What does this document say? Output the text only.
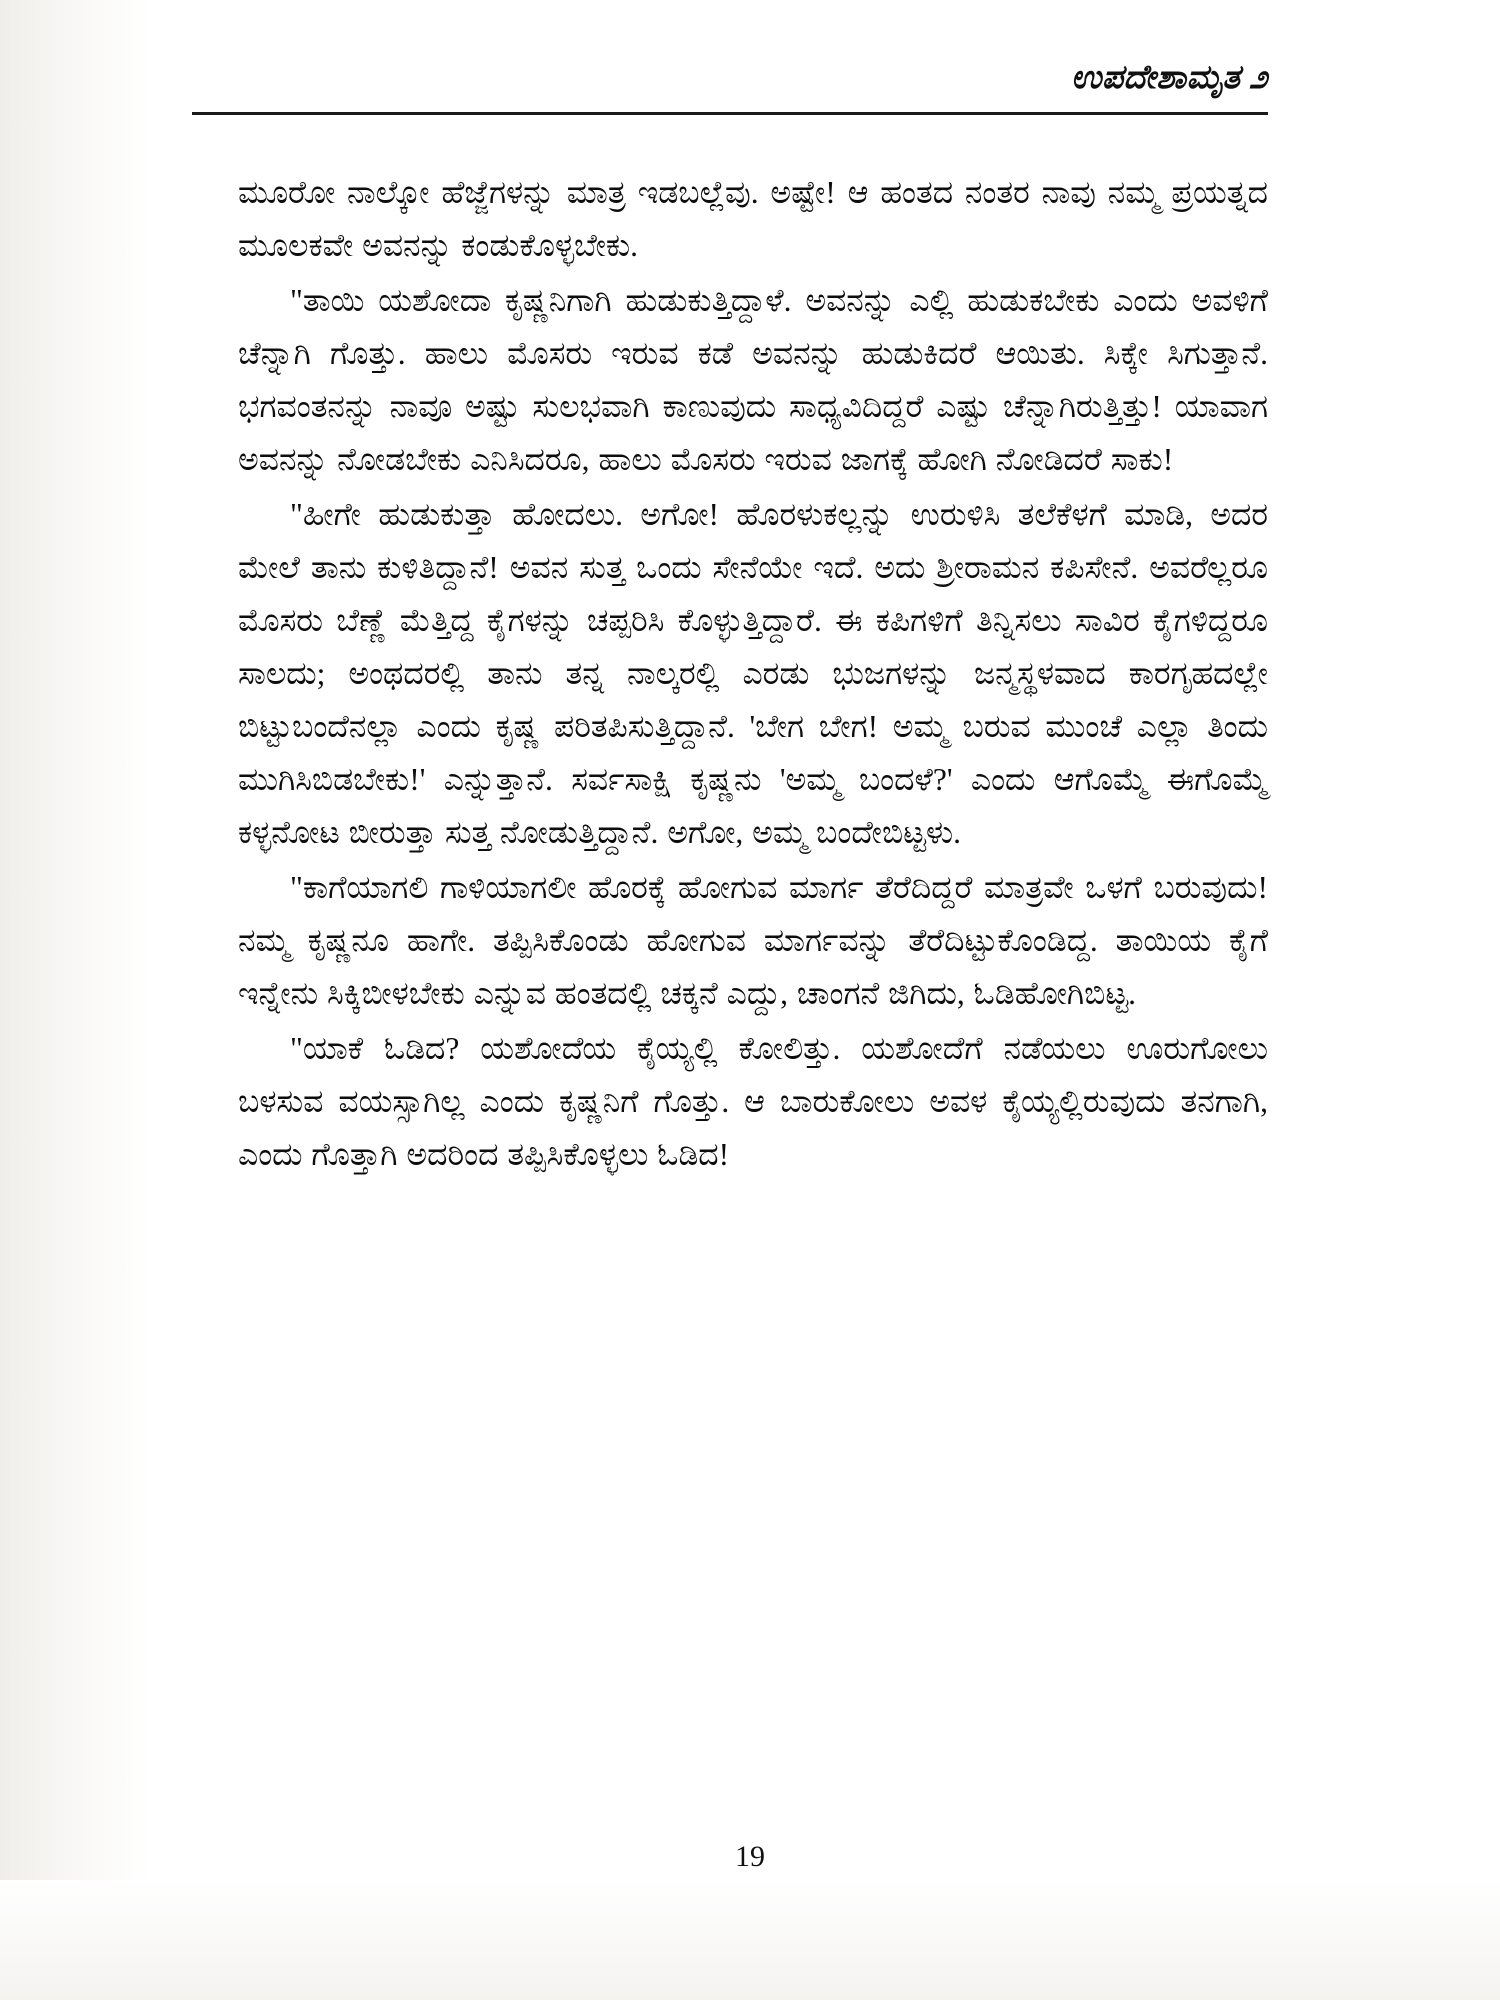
ಉಪದೇಶಾಮೃತ ೨

ಮೂರೋ ನಾಲ್ಕೋ ಹೆಜ್ಜೆಗಳನ್ನು ಮಾತ್ರ ಇಡಬಲ್ಲೆವು. ಅಷ್ಟೇ! ಆ ಹಂತದ ನಂತರ ನಾವು ನಮ್ಮ ಪ್ರಯತ್ನದ ಮೂಲಕವೇ ಅವನನ್ನು ಕಂಡುಕೊಳ್ಳಬೇಕು.

"ತಾಯಿ ಯಶೋದಾ ಕೃಷ್ಣನಿಗಾಗಿ ಹುಡುಕುತ್ತಿದ್ದಾಳೆ. ಅವನನ್ನು ಎಲ್ಲಿ ಹುಡುಕಬೇಕು ಎಂದು ಅವಳಿಗೆ ಚೆನ್ನಾಗಿ ಗೊತ್ತು. ಹಾಲು ಮೊಸರು ಇರುವ ಕಡೆ ಅವನನ್ನು ಹುಡುಕಿದರೆ ಆಯಿತು. ಸಿಕ್ಕೇ ಸಿಗುತ್ತಾನೆ. ಭಗವಂತನನ್ನು ನಾವೂ ಅಷ್ಟು ಸುಲಭವಾಗಿ ಕಾಣುವುದು ಸಾಧ್ಯವಿದಿದ್ದರೆ ಎಷ್ಟು ಚೆನ್ನಾಗಿರುತ್ತಿತ್ತು! ಯಾವಾಗ ಅವನನ್ನು ನೋಡಬೇಕು ಎನಿಸಿದರೂ, ಹಾಲು ಮೊಸರು ಇರುವ ಜಾಗಕ್ಕೆ ಹೋಗಿ ನೋಡಿದರೆ ಸಾಕು!

"ಹೀಗೇ ಹುಡುಕುತ್ತಾ ಹೋದಲು. ಅಗೋ! ಹೊರಳುಕಲ್ಲನ್ನು ಉರುಳಿಸಿ ತಲೆಕೆಳಗೆ ಮಾಡಿ, ಅದರ ಮೇಲೆ ತಾನು ಕುಳಿತಿದ್ದಾನೆ! ಅವನ ಸುತ್ತ ಒಂದು ಸೇನೆಯೇ ಇದೆ. ಅದು ಶ್ರೀರಾಮನ ಕಪಿಸೇನೆ. ಅವರೆಲ್ಲರೂ ಮೊಸರು ಬೆಣ್ಣೆ ಮೆತ್ತಿದ್ದ ಕೈಗಳನ್ನು ಚಪ್ಪರಿಸಿ ಕೊಳ್ಳುತ್ತಿದ್ದಾರೆ. ಈ ಕಪಿಗಳಿಗೆ ತಿನ್ನಿಸಲು ಸಾವಿರ ಕೈಗಳಿದ್ದರೂ ಸಾಲದು; ಅಂಥದರಲ್ಲಿ ತಾನು ತನ್ನ ನಾಲ್ಕರಲ್ಲಿ ಎರಡು ಭುಜಗಳನ್ನು ಜನ್ಮಸ್ಥಳವಾದ ಕಾರಗೃಹದಲ್ಲೇ ಬಿಟ್ಟುಬಂದೆನಲ್ಲಾ ಎಂದು ಕೃಷ್ಣ ಪರಿತಪಿಸುತ್ತಿದ್ದಾನೆ. 'ಬೇಗ ಬೇಗ! ಅಮ್ಮ ಬರುವ ಮುಂಚೆ ಎಲ್ಲಾ ತಿಂದು ಮುಗಿಸಿಬಿಡಬೇಕು!' ಎನ್ನುತ್ತಾನೆ. ಸರ್ವಸಾಕ್ಷಿ ಕೃಷ್ಣನು 'ಅಮ್ಮ ಬಂದಳೆ?' ಎಂದು ಆಗೊಮ್ಮೆ ಈಗೊಮ್ಮೆ ಕಳ್ಳನೋಟ ಬೀರುತ್ತಾ ಸುತ್ತ ನೋಡುತ್ತಿದ್ದಾನೆ. ಅಗೋ, ಅಮ್ಮ ಬಂದೇಬಿಟ್ಟಳು.

"ಕಾಗೆಯಾಗಲಿ ಗಾಳಿಯಾಗಲೀ ಹೊರಕ್ಕೆ ಹೋಗುವ ಮಾರ್ಗ ತೆರೆದಿದ್ದರೆ ಮಾತ್ರವೇ ಒಳಗೆ ಬರುವುದು! ನಮ್ಮ ಕೃಷ್ಣನೂ ಹಾಗೇ. ತಪ್ಪಿಸಿಕೊಂಡು ಹೋಗುವ ಮಾರ್ಗವನ್ನು ತೆರೆದಿಟ್ಟುಕೊಂಡಿದ್ದ. ತಾಯಿಯ ಕೈಗೆ ಇನ್ನೇನು ಸಿಕ್ಕಿಬೀಳಬೇಕು ಎನ್ನುವ ಹಂತದಲ್ಲಿ ಚಕ್ಕನೆ ಎದ್ದು, ಚಾಂಗನೆ ಜಿಗಿದು, ಓಡಿಹೋಗಿಬಿಟ್ಟ.

"ಯಾಕೆ ಓಡಿದ? ಯಶೋದೆಯ ಕೈಯ್ಯಲ್ಲಿ ಕೋಲಿತ್ತು. ಯಶೋದೆಗೆ ನಡೆಯಲು ಊರುಗೋಲು ಬಳಸುವ ವಯಸ್ಸಾಗಿಲ್ಲ ಎಂದು ಕೃಷ್ಣನಿಗೆ ಗೊತ್ತು. ಆ ಬಾರುಕೋಲು ಅವಳ ಕೈಯ್ಯಲ್ಲಿರುವುದು ತನಗಾಗಿ, ಎಂದು ಗೊತ್ತಾಗಿ ಅದರಿಂದ ತಪ್ಪಿಸಿಕೊಳ್ಳಲು ಓಡಿದ!

19
